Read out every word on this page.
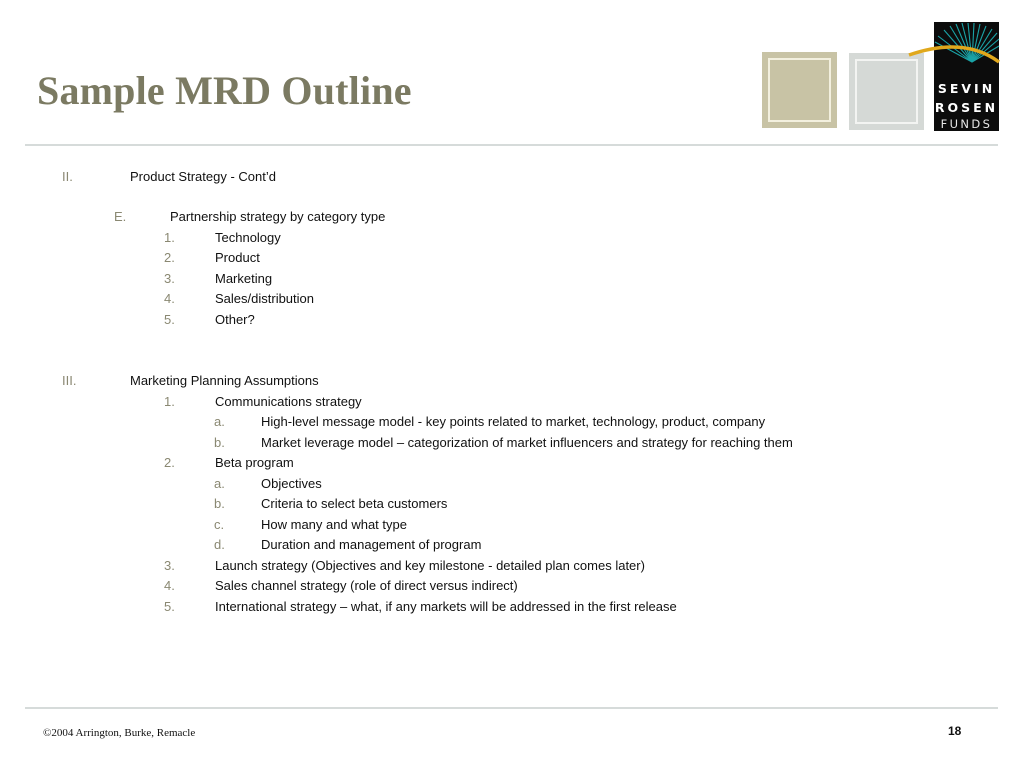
Sample MRD Outline	SEVIN
ROSEN
FUNDS
II.	Product Strategy - Cont’d
E.	Partnership strategy by category type
1.	Technology
2.	Product
3.	Marketing
4.	Sales/distribution
5.	Other?
III.	Marketing Planning Assumptions
1.	Communications strategy
a.	High-level message model - key points related to market, technology, product, company
b.	Market leverage model – categorization of market influencers and strategy for reaching them
2.	Beta program
a.	Objectives
b.	Criteria to select beta customers
c.	How many and what type
d.	Duration and management of program
3.	Launch strategy (Objectives and key milestone - detailed plan comes later)
4.	Sales channel strategy (role of direct versus indirect)
5.	International strategy – what, if any markets will be addressed in the first release
©2004 Arrington, Burke, Remacle	18
